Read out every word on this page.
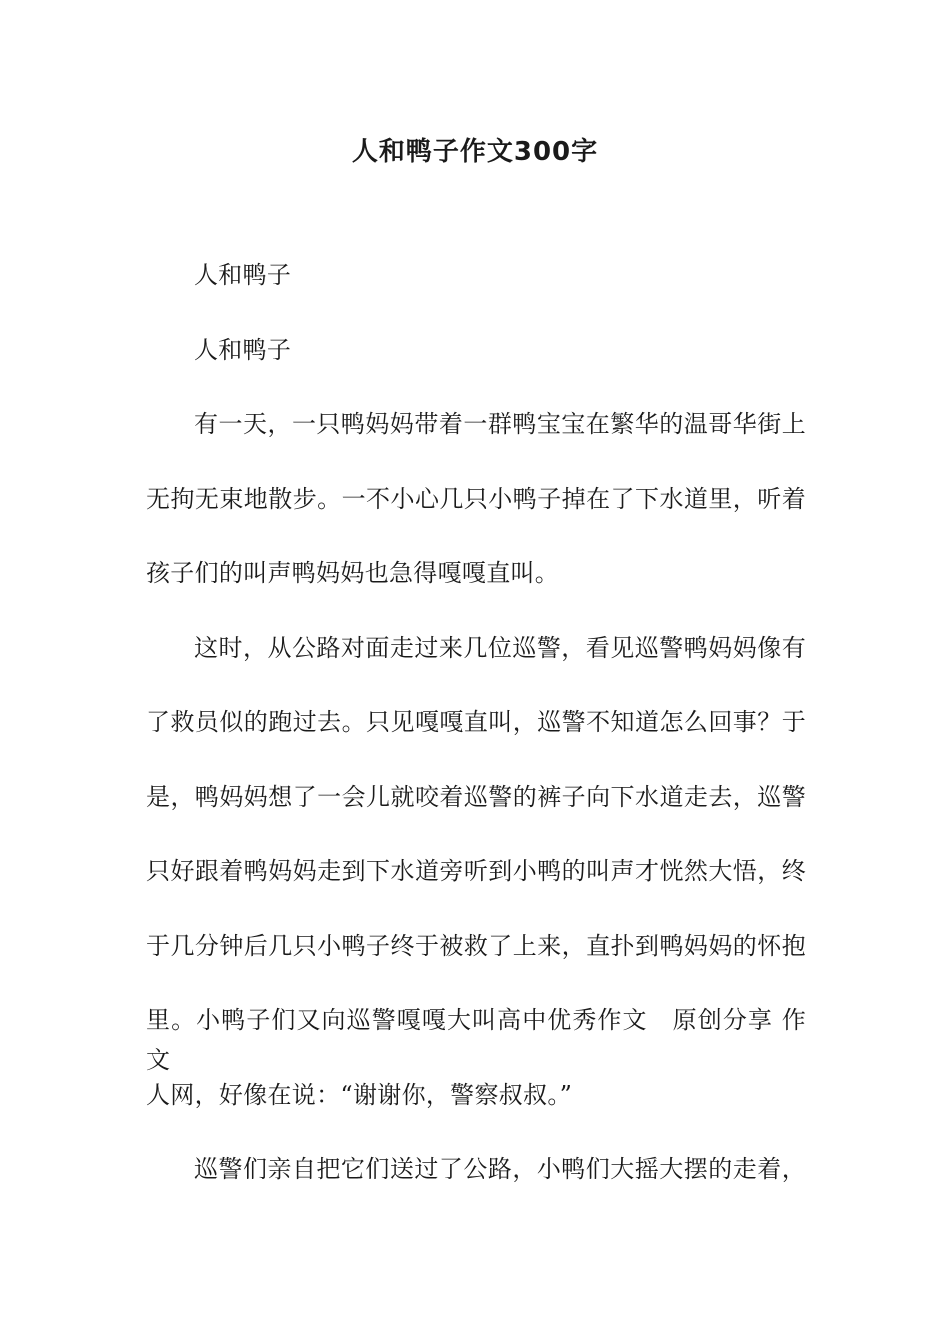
人和鸭子作文300字
人和鸭子
人和鸭子
有一天，一只鸭妈妈带着一群鸭宝宝在繁华的温哥华街上
无拘无束地散步。一不小心几只小鸭子掉在了下水道里，听着
孩子们的叫声鸭妈妈也急得嘎嘎直叫。
这时，从公路对面走过来几位巡警，看见巡警鸭妈妈像有
了救员似的跑过去。只见嘎嘎直叫，巡警不知道怎么回事？于
是，鸭妈妈想了一会儿就咬着巡警的裤子向下水道走去，巡警
只好跟着鸭妈妈走到下水道旁听到小鸭的叫声才恍然大悟，终
于几分钟后几只小鸭子终于被救了上来，直扑到鸭妈妈的怀抱
里。小鸭子们又向巡警嘎嘎大叫高中优秀作文　原创分享 作文
人网，好像在说：“谢谢你，警察叔叔。”
巡警们亲自把它们送过了公路，小鸭们大摇大摆的走着，
